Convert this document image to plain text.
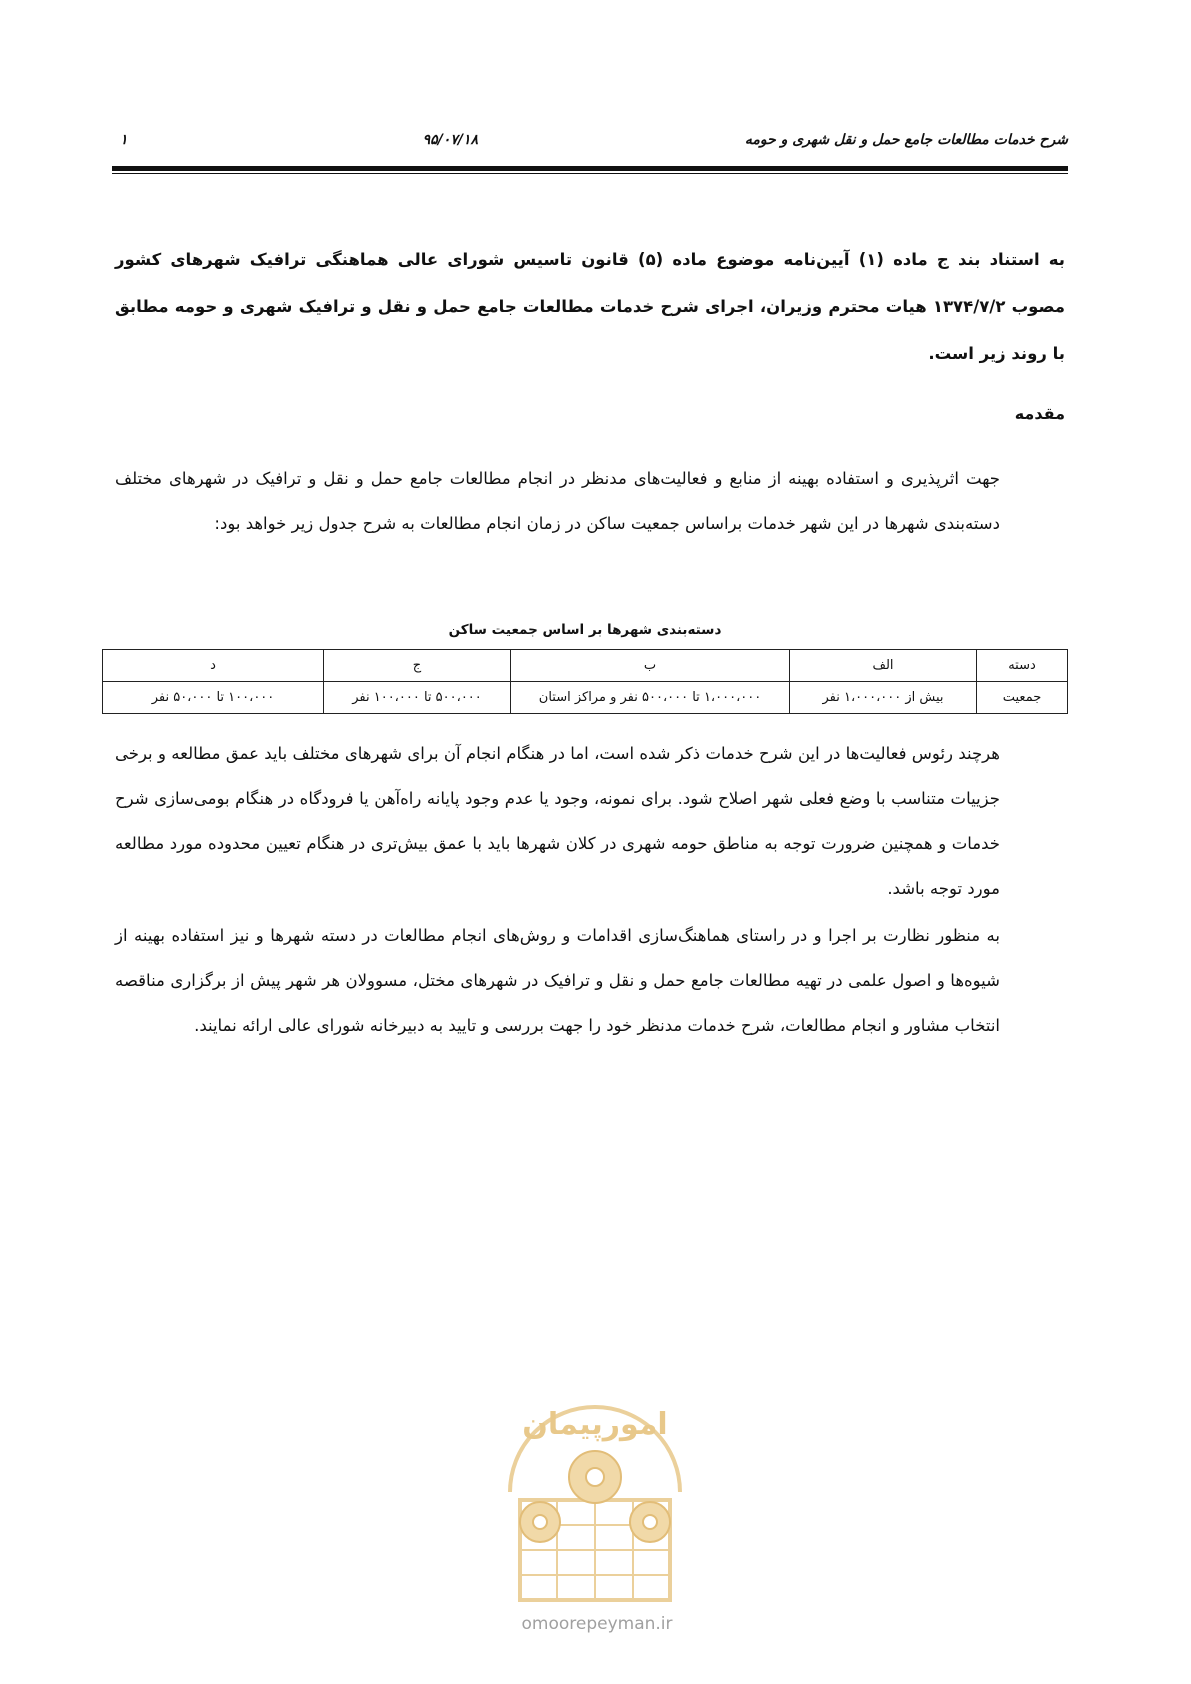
شرح خدمات مطالعات جامع حمل و نقل شهری و حومه
۹۵/۰۷/۱۸
۱

به استناد بند ج ماده (۱) آیین‌نامه موضوع ماده (۵) قانون تاسیس شورای عالی هماهنگی ترافیک شهرهای کشور مصوب ۱۳۷۴/۷/۲ هیات محترم وزیران، اجرای شرح خدمات مطالعات جامع حمل و نقل و ترافیک شهری و حومه مطابق با روند زیر است.

مقدمه

جهت اثرپذیری و استفاده بهینه از منابع و فعالیت‌های مدنظر در انجام مطالعات جامع حمل و نقل و ترافیک در شهرهای مختلف دسته‌بندی شهرها در این شهر خدمات براساس جمعیت ساکن در زمان انجام مطالعات به شرح جدول زیر خواهد بود:

دسته‌بندی شهرها بر اساس جمعیت ساکن
دسته	الف	ب	ج	د
جمعیت	بیش از ۱،۰۰۰،۰۰۰ نفر	۱،۰۰۰،۰۰۰ تا ۵۰۰،۰۰۰ نفر و مراکز استان	۵۰۰،۰۰۰ تا ۱۰۰،۰۰۰ نفر	۱۰۰،۰۰۰ تا ۵۰،۰۰۰ نفر

هرچند رئوس فعالیت‌ها در این شرح خدمات ذکر شده است، اما در هنگام انجام آن برای شهرهای مختلف باید عمق مطالعه و برخی جزییات متناسب با وضع فعلی شهر اصلاح شود. برای نمونه، وجود یا عدم وجود پایانه راه‌آهن یا فرودگاه در هنگام بومی‌سازی شرح خدمات و همچنین ضرورت توجه به مناطق حومه شهری در کلان شهرها باید با عمق بیش‌تری در هنگام تعیین محدوده مورد مطالعه مورد توجه باشد.

به منظور نظارت بر اجرا و در راستای هماهنگ‌سازی اقدامات و روش‌های انجام مطالعات در دسته شهرها و نیز استفاده بهینه از شیوه‌ها و اصول علمی در تهیه مطالعات جامع حمل و نقل و ترافیک در شهرهای مختل، مسوولان هر شهر پیش از برگزاری مناقصه انتخاب مشاور و انجام مطالعات، شرح خدمات مدنظر خود را جهت بررسی و تایید به دبیرخانه شورای عالی ارائه نمایند.

امورپیمان
omoorepeyman.ir
